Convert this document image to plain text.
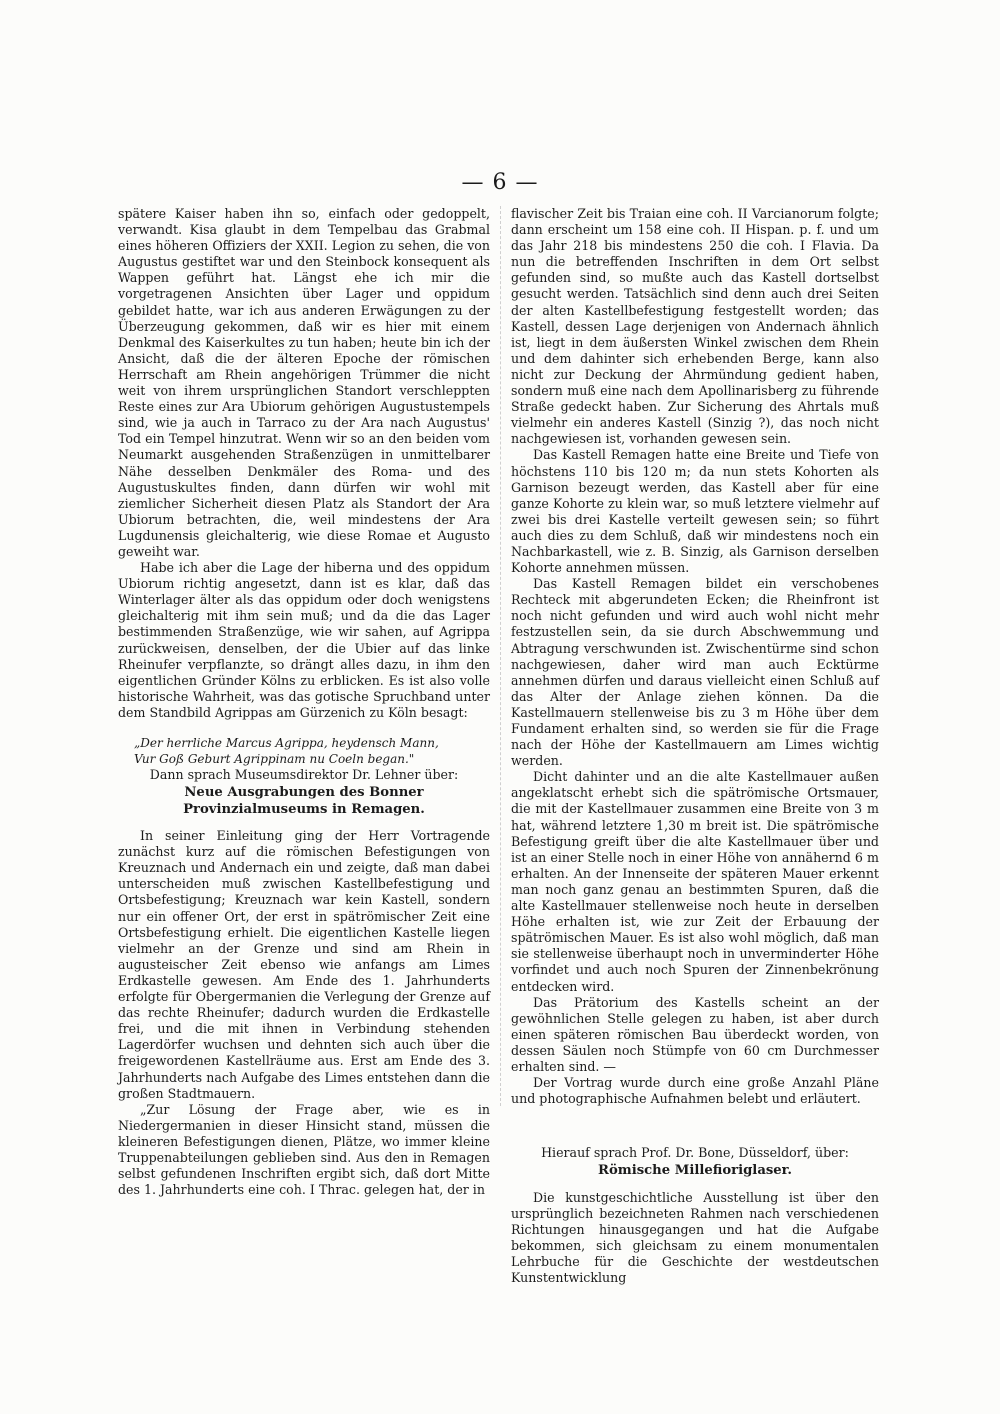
— 6 —

spätere Kaiser haben ihn so, einfach oder gedoppelt, verwandt. Kisa glaubt in dem Tempelbau das Grabmal eines höheren Offiziers der XXII. Legion zu sehen, die von Augustus gestiftet war und den Steinbock konsequent als Wappen geführt hat. Längst ehe ich mir die vorgetragenen Ansichten über Lager und oppidum gebildet hatte, war ich aus anderen Erwägungen zu der Überzeugung gekommen, daß wir es hier mit einem Denkmal des Kaiserkultes zu tun haben; heute bin ich der Ansicht, daß die der älteren Epoche der römischen Herrschaft am Rhein angehörigen Trümmer die nicht weit von ihrem ursprünglichen Standort verschleppten Reste eines zur Ara Ubiorum gehörigen Augustustempels sind, wie ja auch in Tarraco zu der Ara nach Augustus' Tod ein Tempel hinzutrat. Wenn wir so an den beiden vom Neumarkt ausgehenden Straßenzügen in unmittelbarer Nähe desselben Denkmäler des Roma- und des Augustuskultes finden, dann dürfen wir wohl mit ziemlicher Sicherheit diesen Platz als Standort der Ara Ubiorum betrachten, die, weil mindestens der Ara Lugdunensis gleichalterig, wie diese Romae et Augusto geweiht war.

Habe ich aber die Lage der hiberna und des oppidum Ubiorum richtig angesetzt, dann ist es klar, daß das Winterlager älter als das oppidum oder doch wenigstens gleichalterig mit ihm sein muß; und da die das Lager bestimmenden Straßenzüge, wie wir sahen, auf Agrippa zurückweisen, denselben, der die Ubier auf das linke Rheinufer verpflanzte, so drängt alles dazu, in ihm den eigentlichen Gründer Kölns zu erblicken. Es ist also volle historische Wahrheit, was das gotische Spruchband unter dem Standbild Agrippas am Gürzenich zu Köln besagt:

„Der herrliche Marcus Agrippa, heydensch Mann,
Vur Goß Geburt Agrippinam nu Coeln began."

Dann sprach Museumsdirektor Dr. Lehner über:

Neue Ausgrabungen des Bonner Provinzialmuseums in Remagen.

In seiner Einleitung ging der Herr Vortragende zunächst kurz auf die römischen Befestigungen von Kreuznach und Andernach ein und zeigte, daß man dabei unterscheiden muß zwischen Kastellbefestigung und Ortsbefestigung; Kreuznach war kein Kastell, sondern nur ein offener Ort, der erst in spätrömischer Zeit eine Ortsbefestigung erhielt. Die eigentlichen Kastelle liegen vielmehr an der Grenze und sind am Rhein in augusteischer Zeit ebenso wie anfangs am Limes Erdkastelle gewesen. Am Ende des 1. Jahrhunderts erfolgte für Obergermanien die Verlegung der Grenze auf das rechte Rheinufer; dadurch wurden die Erdkastelle frei, und die mit ihnen in Verbindung stehenden Lagerdörfer wuchsen und dehnten sich auch über die freigewordenen Kastellräume aus. Erst am Ende des 3. Jahrhunderts nach Aufgabe des Limes entstehen dann die großen Stadtmauern.

„Zur Lösung der Frage aber, wie es in Niedergermanien in dieser Hinsicht stand, müssen die kleineren Befestigungen dienen, Plätze, wo immer kleine Truppenabteilungen geblieben sind. Aus den in Remagen selbst gefundenen Inschriften ergibt sich, daß dort Mitte des 1. Jahrhunderts eine coh. I Thrac. gelegen hat, der in

flavischer Zeit bis Traian eine coh. II Varcianorum folgte; dann erscheint um 158 eine coh. II Hispan. p. f. und um das Jahr 218 bis mindestens 250 die coh. I Flavia. Da nun die betreffenden Inschriften in dem Ort selbst gefunden sind, so mußte auch das Kastell dortselbst gesucht werden. Tatsächlich sind denn auch drei Seiten der alten Kastellbefestigung festgestellt worden; das Kastell, dessen Lage derjenigen von Andernach ähnlich ist, liegt in dem äußersten Winkel zwischen dem Rhein und dem dahinter sich erhebenden Berge, kann also nicht zur Deckung der Ahrmündung gedient haben, sondern muß eine nach dem Apollinarisberg zu führende Straße gedeckt haben. Zur Sicherung des Ahrtals muß vielmehr ein anderes Kastell (Sinzig ?), das noch nicht nachgewiesen ist, vorhanden gewesen sein.

Das Kastell Remagen hatte eine Breite und Tiefe von höchstens 110 bis 120 m; da nun stets Kohorten als Garnison bezeugt werden, das Kastell aber für eine ganze Kohorte zu klein war, so muß letztere vielmehr auf zwei bis drei Kastelle verteilt gewesen sein; so führt auch dies zu dem Schluß, daß wir mindestens noch ein Nachbarkastell, wie z. B. Sinzig, als Garnison derselben Kohorte annehmen müssen.

Das Kastell Remagen bildet ein verschobenes Rechteck mit abgerundeten Ecken; die Rheinfront ist noch nicht gefunden und wird auch wohl nicht mehr festzustellen sein, da sie durch Abschwemmung und Abtragung verschwunden ist. Zwischentürme sind schon nachgewiesen, daher wird man auch Ecktürme annehmen dürfen und daraus vielleicht einen Schluß auf das Alter der Anlage ziehen können. Da die Kastellmauern stellenweise bis zu 3 m Höhe über dem Fundament erhalten sind, so werden sie für die Frage nach der Höhe der Kastellmauern am Limes wichtig werden.

Dicht dahinter und an die alte Kastellmauer außen angeklatscht erhebt sich die spätrömische Ortsmauer, die mit der Kastellmauer zusammen eine Breite von 3 m hat, während letztere 1,30 m breit ist. Die spätrömische Befestigung greift über die alte Kastellmauer über und ist an einer Stelle noch in einer Höhe von annähernd 6 m erhalten. An der Innenseite der späteren Mauer erkennt man noch ganz genau an bestimmten Spuren, daß die alte Kastellmauer stellenweise noch heute in derselben Höhe erhalten ist, wie zur Zeit der Erbauung der spätrömischen Mauer. Es ist also wohl möglich, daß man sie stellenweise überhaupt noch in unverminderter Höhe vorfindet und auch noch Spuren der Zinnenbekrönung entdecken wird.

Das Prätorium des Kastells scheint an der gewöhnlichen Stelle gelegen zu haben, ist aber durch einen späteren römischen Bau überdeckt worden, von dessen Säulen noch Stümpfe von 60 cm Durchmesser erhalten sind. —

Der Vortrag wurde durch eine große Anzahl Pläne und photographische Aufnahmen belebt und erläutert.

Hierauf sprach Prof. Dr. Bone, Düsseldorf, über:

Römische Millefioriglaser.

Die kunstgeschichtliche Ausstellung ist über den ursprünglich bezeichneten Rahmen nach verschiedenen Richtungen hinausgegangen und hat die Aufgabe bekommen, sich gleichsam zu einem monumentalen Lehrbuche für die Geschichte der westdeutschen Kunstentwicklung
